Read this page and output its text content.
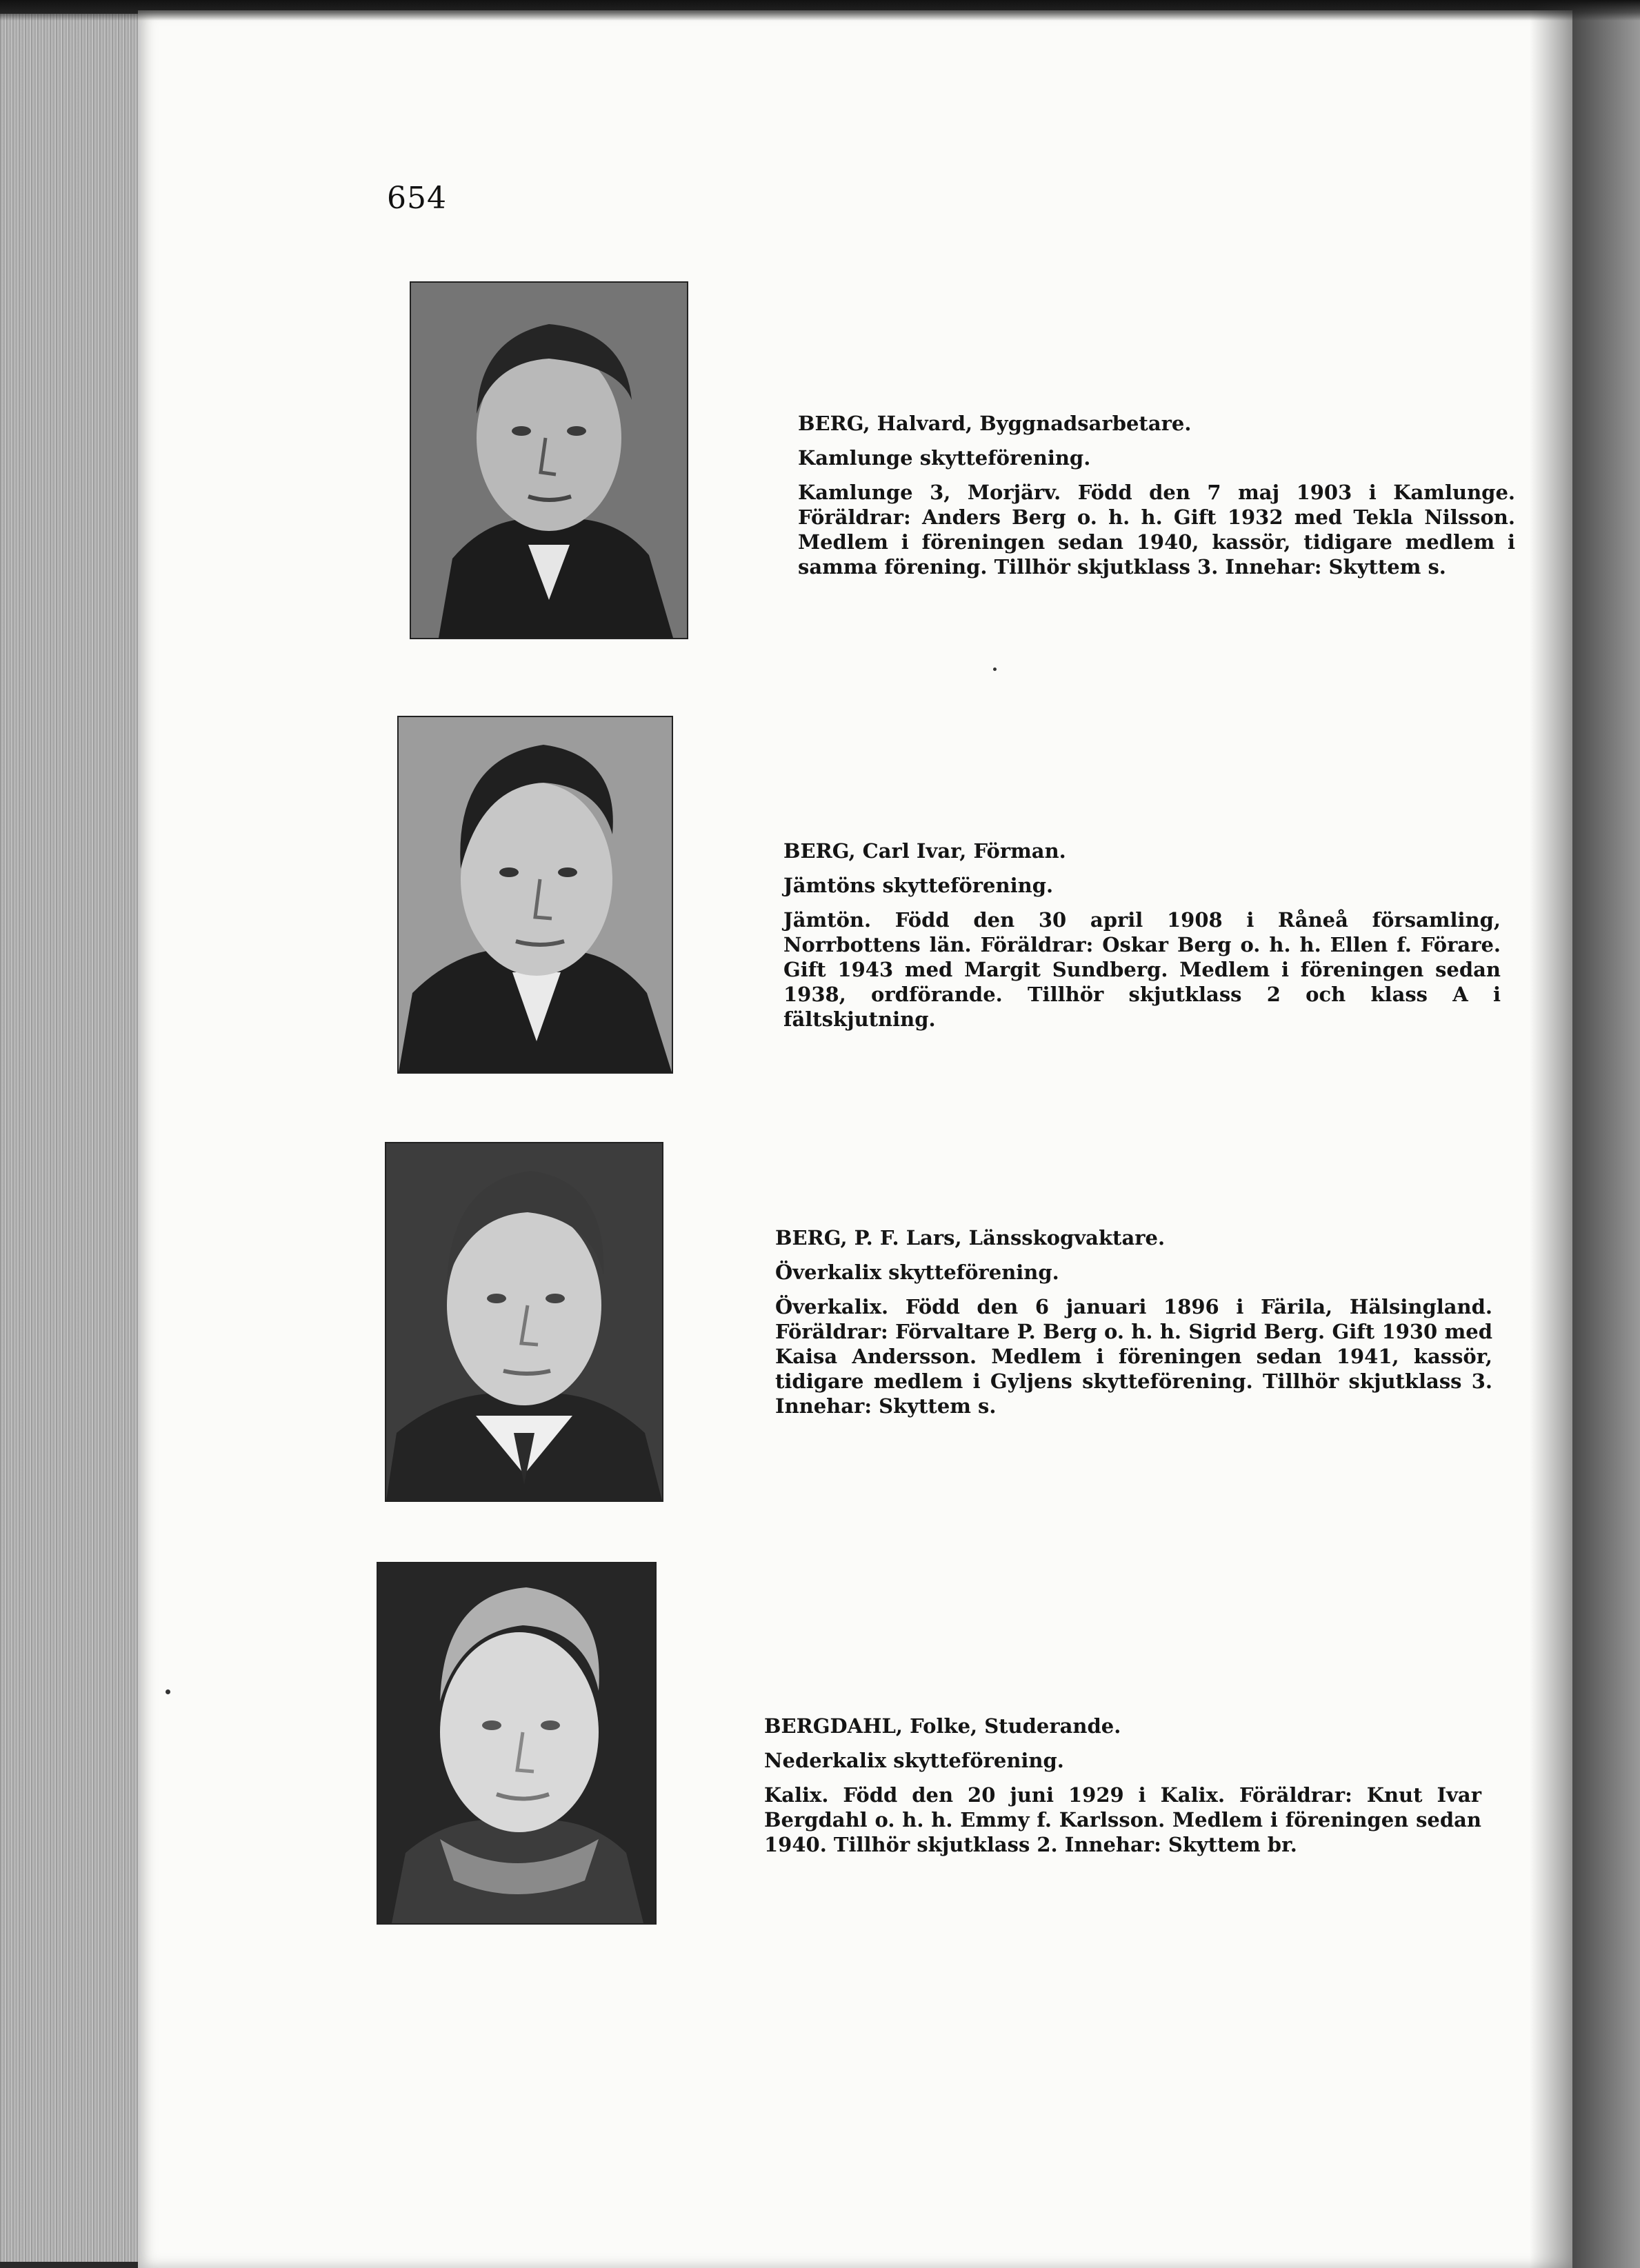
654
BERG, Halvard, Byggnadsarbetare.
Kamlunge skytteförening.
Kamlunge 3, Morjärv. Född den 7 maj 1903 i Kamlunge. Föräldrar: Anders Berg o. h. h. Gift 1932 med Tekla Nilsson. Medlem i föreningen sedan 1940, kassör, tidigare medlem i samma förening. Tillhör skjutklass 3. Innehar: Skyttem s.
BERG, Carl Ivar, Förman.
Jämtöns skytteförening.
Jämtön. Född den 30 april 1908 i Råneå församling, Norrbottens län. Föräldrar: Oskar Berg o. h. h. Ellen f. Förare. Gift 1943 med Margit Sundberg. Medlem i föreningen sedan 1938, ordförande. Tillhör skjutklass 2 och klass A i fältskjutning.
BERG, P. F. Lars, Länsskogvaktare.
Överkalix skytteförening.
Överkalix. Född den 6 januari 1896 i Färila, Hälsingland. Föräldrar: Förvaltare P. Berg o. h. h. Sigrid Berg. Gift 1930 med Kaisa Andersson. Medlem i föreningen sedan 1941, kassör, tidigare medlem i Gyljens skytteförening. Tillhör skjutklass 3. Innehar: Skyttem s.
BERGDAHL, Folke, Studerande.
Nederkalix skytteförening.
Kalix. Född den 20 juni 1929 i Kalix. Föräldrar: Knut Ivar Bergdahl o. h. h. Emmy f. Karlsson. Medlem i föreningen sedan 1940. Tillhör skjutklass 2. Innehar: Skyttem br.
